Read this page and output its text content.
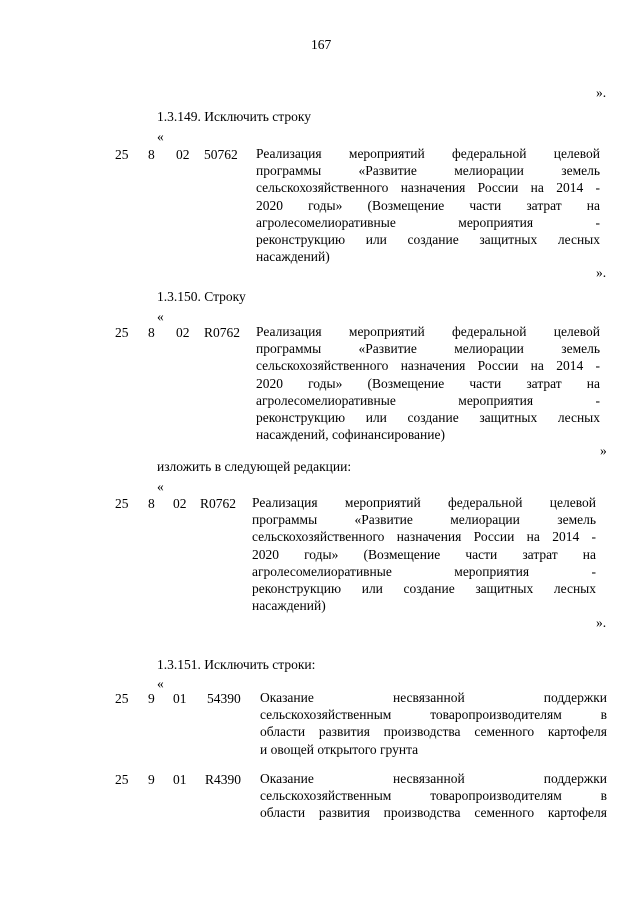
167
».
1.3.149. Исключить строку
«
25 8 02 50762 Реализация мероприятий федеральной целевой
программы «Развитие мелиорации земель
сельскохозяйственного назначения России на 2014 -
2020 годы» (Возмещение части затрат на
агролесомелиоративные мероприятия -
реконструкцию или создание защитных лесных
насаждений)
».
1.3.150. Строку
«
25 8 02 R0762 Реализация мероприятий федеральной целевой
программы «Развитие мелиорации земель
сельскохозяйственного назначения России на 2014 -
2020 годы» (Возмещение части затрат на
агролесомелиоративные мероприятия -
реконструкцию или создание защитных лесных
насаждений, софинансирование)
»
изложить в следующей редакции:
«
25 8 02 R0762 Реализация мероприятий федеральной целевой
программы «Развитие мелиорации земель
сельскохозяйственного назначения России на 2014 -
2020 годы» (Возмещение части затрат на
агролесомелиоративные мероприятия -
реконструкцию или создание защитных лесных
насаждений)
».
1.3.151. Исключить строки:
«
25 9 01 54390 Оказание несвязанной поддержки
сельскохозяйственным товаропроизводителям в
области развития производства семенного картофеля
и овощей открытого грунта
25 9 01 R4390 Оказание несвязанной поддержки
сельскохозяйственным товаропроизводителям в
области развития производства семенного картофеля
